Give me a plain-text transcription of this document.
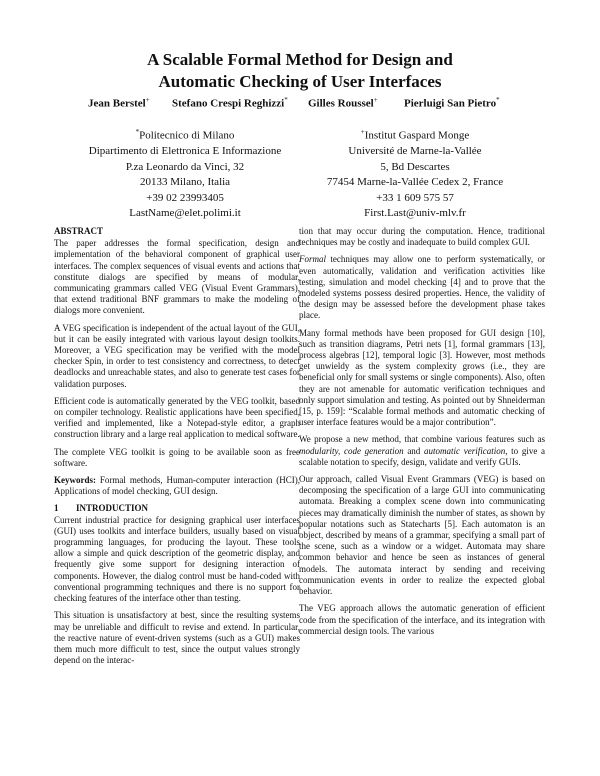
A Scalable Formal Method for Design and
Automatic Checking of User Interfaces
Jean Berstel+ Stefano Crespi Reghizzi* Gilles Roussel+ Pierluigi San Pietro*
*Politecnico di Milano
Dipartimento di Elettronica E Informazione
P.za Leonardo da Vinci, 32
20133 Milano, Italia
+39 02 23993405
LastName@elet.polimi.it
+Institut Gaspard Monge
Université de Marne-la-Vallée
5, Bd Descartes
77454 Marne-la-Vallée Cedex 2, France
+33 1 609 575 57
First.Last@univ-mlv.fr
ABSTRACT

The paper addresses the formal specification, design and implementation of the behavioral component of graphical user interfaces. The complex sequences of visual events and actions that constitute dialogs are specified by means of modular, communicating grammars called VEG (Visual Event Grammars), that extend traditional BNF grammars to make the modeling of dialogs more convenient.

A VEG specification is independent of the actual layout of the GUI, but it can be easily integrated with various layout design toolkits. Moreover, a VEG specification may be verified with the model checker Spin, in order to test consistency and correctness, to detect deadlocks and unreachable states, and also to generate test cases for validation purposes.

Efficient code is automatically generated by the VEG toolkit, based on compiler technology. Realistic applications have been specified, verified and implemented, like a Notepad-style editor, a graph construction library and a large real application to medical software.

The complete VEG toolkit is going to be available soon as free software.

Keywords: Formal methods, Human-computer interaction (HCI), Applications of model checking, GUI design.

1 INTRODUCTION

Current industrial practice for designing graphical user interfaces (GUI) uses toolkits and interface builders, usually based on visual programming languages, for producing the layout. These tools allow a simple and quick description of the geometric display, and frequently give some support for designing interaction of components. However, the dialog control must be hand-coded with conventional programming techniques and there is no support for checking features of the interface other than testing.

This situation is unsatisfactory at best, since the resulting systems may be unreliable and difficult to revise and extend. In particular, the reactive nature of event-driven systems (such as a GUI) makes them much more difficult to test, since the output values strongly depend on the interac-

tion that may occur during the computation. Hence, traditional techniques may be costly and inadequate to build complex GUI.

Formal techniques may allow one to perform systematically, or even automatically, validation and verification activities like testing, simulation and model checking [4] and to prove that the modeled systems possess desired properties. Hence, the validity of the design may be assessed before the development phase takes place.

Many formal methods have been proposed for GUI design [10], such as transition diagrams, Petri nets [1], formal grammars [13], process algebras [12], temporal logic [3]. However, most methods get unwieldy as the system complexity grows (i.e., they are beneficial only for small systems or single components). Also, often they are not amenable for automatic verification techniques and only support simulation and testing. As pointed out by Shneiderman [15, p. 159]: “Scalable formal methods and automatic checking of user interface features would be a major contribution”.

We propose a new method, that combine various features such as modularity, code generation and automatic verification, to give a scalable notation to specify, design, validate and verify GUIs.

Our approach, called Visual Event Grammars (VEG) is based on decomposing the specification of a large GUI into communicating automata. Breaking a complex scene down into communicating pieces may dramatically diminish the number of states, as shown by popular notations such as Statecharts [5]. Each automaton is an object, described by means of a grammar, specifying a small part of the scene, such as a window or a widget. Automata may share common behavior and hence be seen as instances of general models. The automata interact by sending and receiving communication events in order to realize the expected global behavior.

The VEG approach allows the automatic generation of efficient code from the specification of the interface, and its integration with commercial design tools. The various
